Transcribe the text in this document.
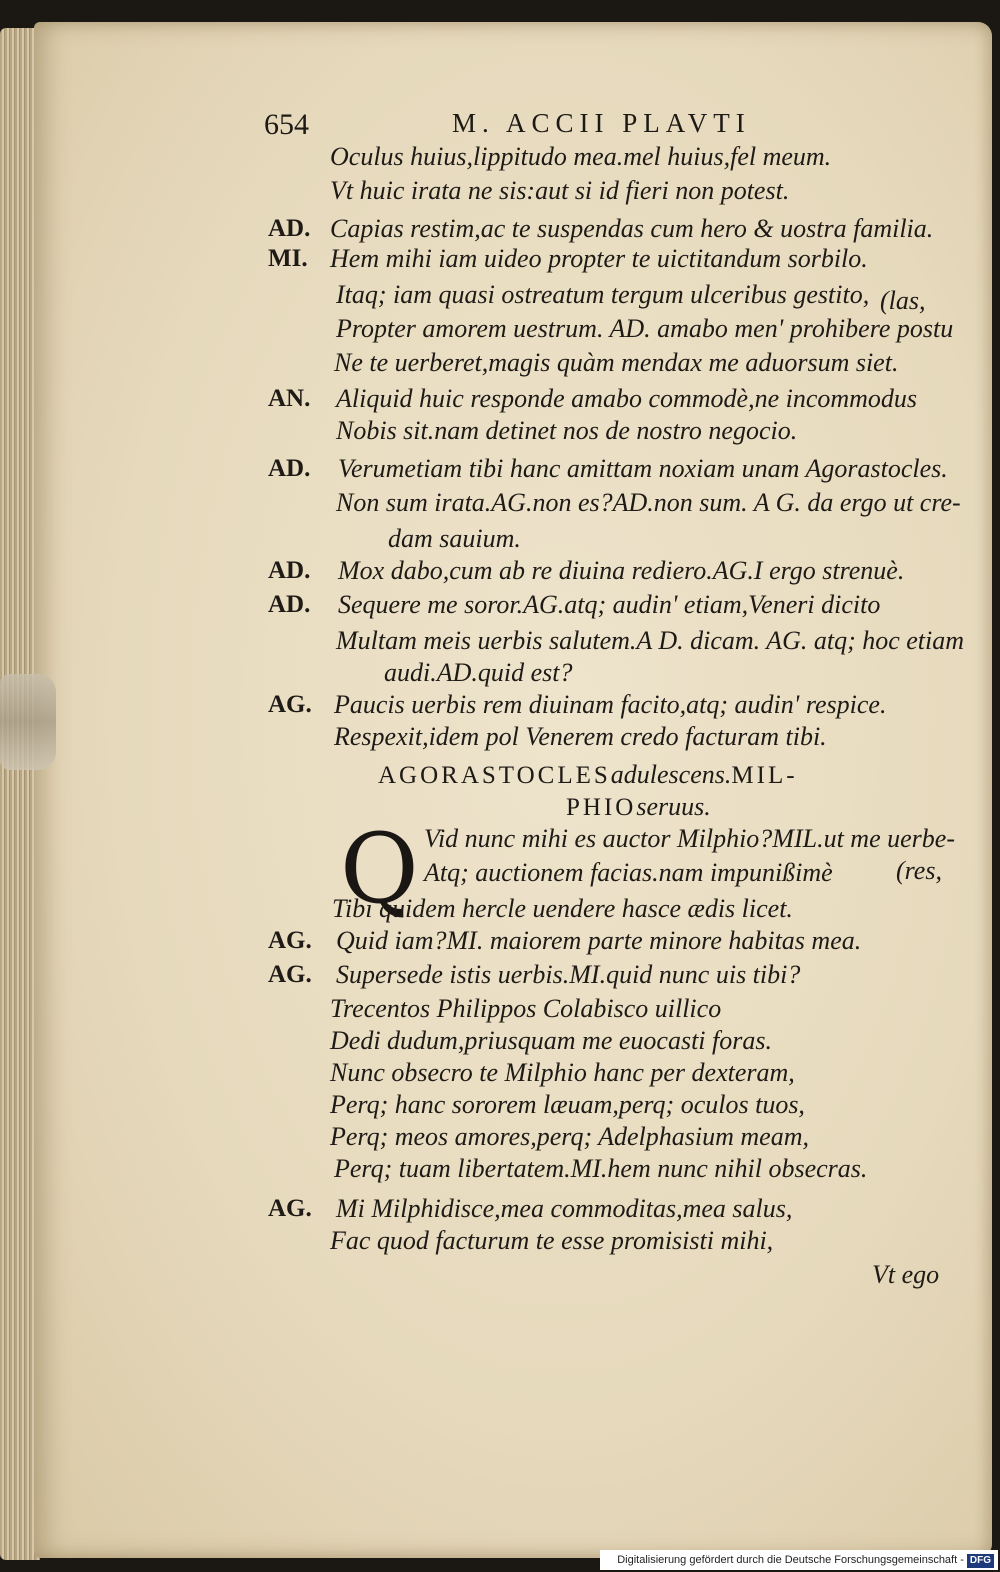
654	M. ACCII PLAVTI
Oculus huius,lippitudo mea.mel huius,fel meum.
Vt huic irata ne sis:aut si id fieri non potest.
AD. Capias restim,ac te suspendas cum hero & uostra familia.
MI. Hem mihi iam uideo propter te uictitandum sorbilo.
Itaq; iam quasi ostreatum tergum ulceribus gestito,
Propter amorem uestrum. AD. amabo men' prohibere postu
Ne te uerberet,magis quàm mendax me aduorsum siet.
AN. Aliquid huic responde amabo commodè,ne incommodus
Nobis sit.nam detinet nos de nostro negocio.
AD. Verumetiam tibi hanc amittam noxiam unam Agorastocles.
Non sum irata.AG.non es?AD.non sum. A G. da ergo ut cre-
dam sauium.
AD. Mox dabo,cum ab re diuina rediero.AG.I ergo strenuè.
AD. Sequere me soror.AG.atq; audin' etiam,Veneri dicito
Multam meis uerbis salutem.A D. dicam. AG. atq; hoc etiam
audi.AD.quid est?
AG. Paucis uerbis rem diuinam facito,atq; audin' respice.
Respexit,idem pol Venerem credo facturam tibi.
AGORASTOCLESadulescens.MIL-
PHIOseruus.
Q Vid nunc mihi es auctor Milphio?MIL.ut me uerbe-
Atq; auctionem facias.nam impunißimè
Tibi quidem hercle uendere hasce ædis licet.
AG. Quid iam?MI. maiorem parte minore habitas mea.
AG. Supersede istis uerbis.MI.quid nunc uis tibi?
Trecentos Philippos Colabisco uillico
Dedi dudum,priusquam me euocasti foras.
Nunc obsecro te Milphio hanc per dexteram,
Perq; hanc sororem læuam,perq; oculos tuos,
Perq; meos amores,perq; Adelphasium meam,
Perq; tuam libertatem.MI.hem nunc nihil obsecras.
AG. Mi Milphidisce,mea commoditas,mea salus,
Fac quod facturum te esse promisisti mihi,
(las,
(res,
Vt ego
Digitalisierung gefördert durch die Deutsche Forschungsgemeinschaft - DFG
